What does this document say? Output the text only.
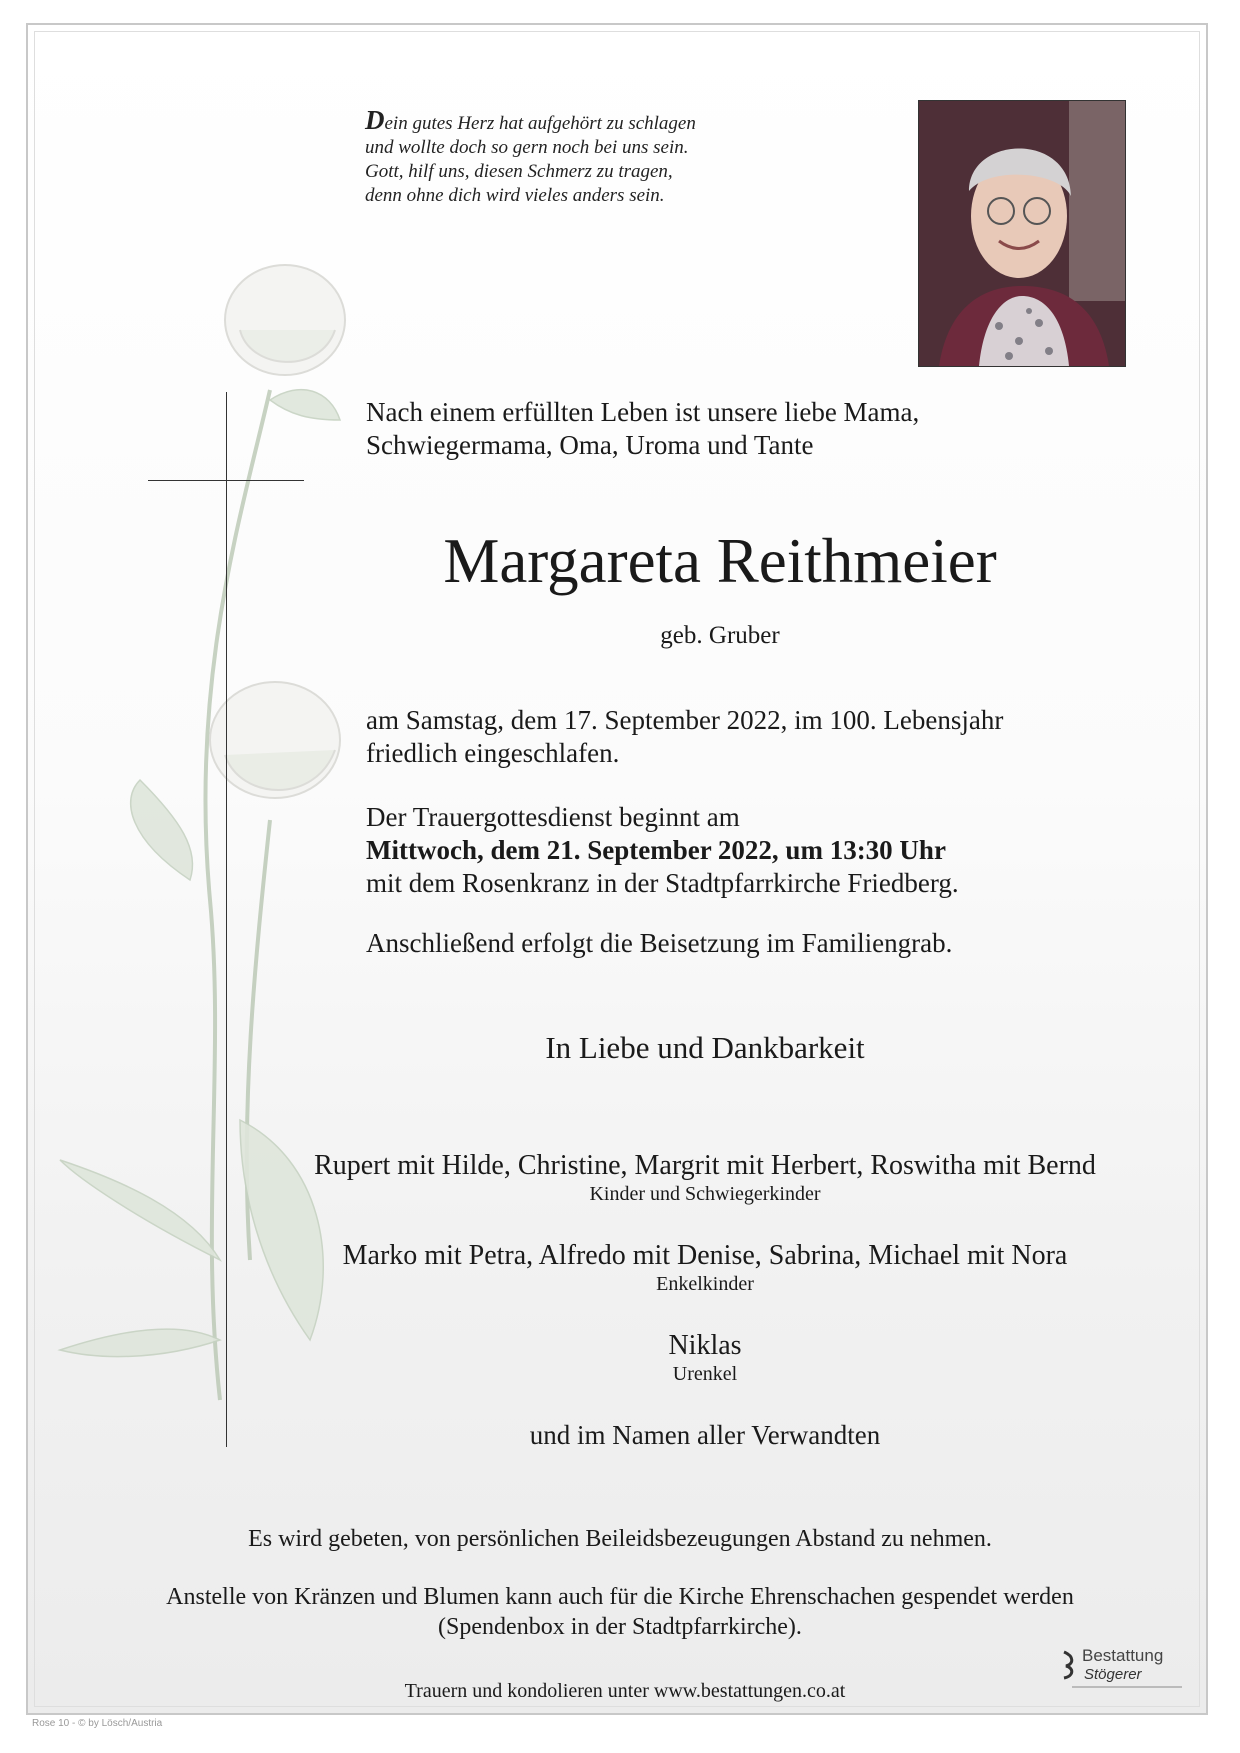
Dein gutes Herz hat aufgehört zu schlagen
und wollte doch so gern noch bei uns sein.
Gott, hilf uns, diesen Schmerz zu tragen,
denn ohne dich wird vieles anders sein.
Nach einem erfüllten Leben ist unsere liebe Mama,
Schwiegermama, Oma, Uroma und Tante
Margareta Reithmeier
geb. Gruber
am Samstag, dem 17. September 2022, im 100. Lebensjahr
friedlich eingeschlafen.
Der Trauergottesdienst beginnt am
Mittwoch, dem 21. September 2022, um 13:30 Uhr
mit dem Rosenkranz in der Stadtpfarrkirche Friedberg.
Anschließend erfolgt die Beisetzung im Familiengrab.
In Liebe und Dankbarkeit
Rupert mit Hilde, Christine, Margrit mit Herbert, Roswitha mit Bernd
Kinder und Schwiegerkinder
Marko mit Petra, Alfredo mit Denise, Sabrina, Michael mit Nora
Enkelkinder
Niklas
Urenkel
und im Namen aller Verwandten
Es wird gebeten, von persönlichen Beileidsbezeugungen Abstand zu nehmen.
Anstelle von Kränzen und Blumen kann auch für die Kirche Ehrenschachen gespendet werden
(Spendenbox in der Stadtpfarrkirche).
Trauern und kondolieren unter www.bestattungen.co.at
Bestattung
Stögerer
Rose 10 - © by Lösch/Austria
